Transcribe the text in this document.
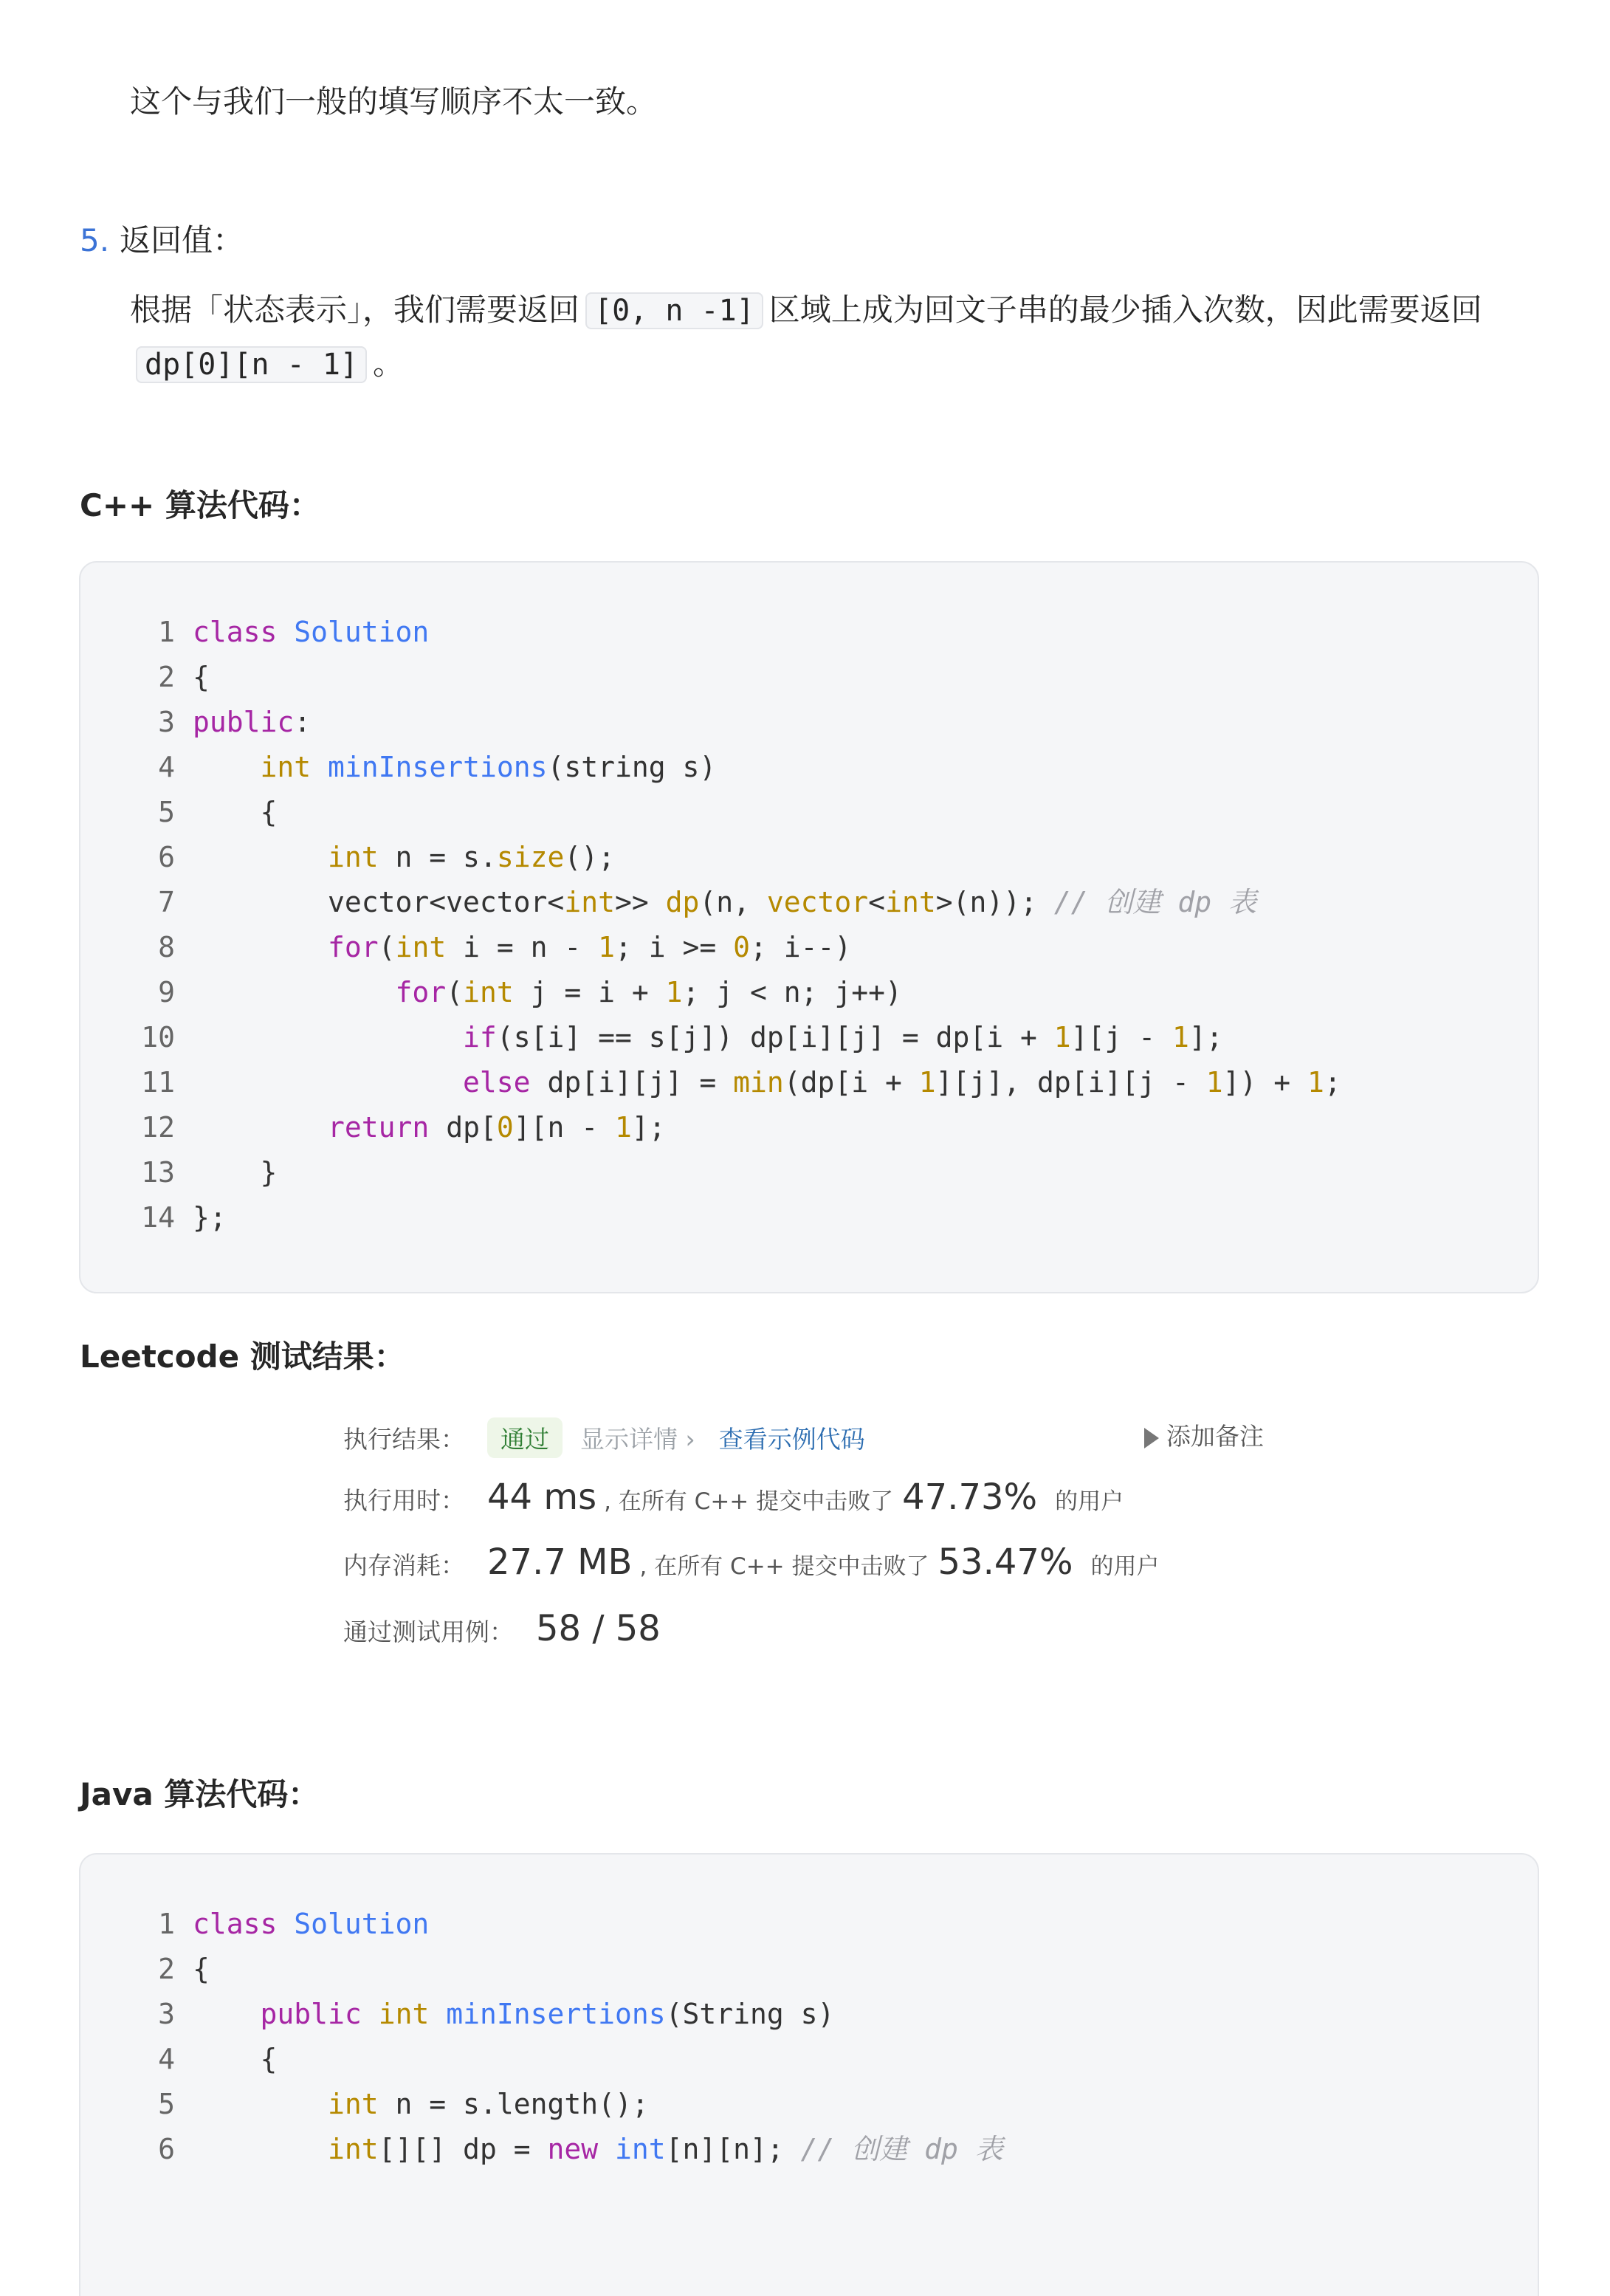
这个与我们一般的填写顺序不太一致。

5. 返回值：

根据「状态表示」，我们需要返回 [0, n -1] 区域上成为回文子串的最少插入次数，因此需要返回dp[0][n - 1] 。

C++ 算法代码：
1 class Solution
2 {
3 public:
4	int minInsertions(string s)
5    {
6	int n = s.size();
7        vector<vector<int>> dp(n, vector<int>(n)); // 创建 dp 表
8	for(int i = n - 1; i >= 0; i--)
9	for(int j = i + 1; j < n; j++)
10	if(s[i] == s[j]) dp[i][j] = dp[i + 1][j - 1];
11	else dp[i][j] = min(dp[i + 1][j], dp[i][j - 1]) + 1;
12	return dp[0][n - 1];
13    }
14 };
Leetcode 测试结果：
执行结果： 通过 显示详情 › 查看示例代码	添加备注
执行用时： 44 ms , 在所有 C++ 提交中击败了 47.73% 的用户
内存消耗： 27.7 MB , 在所有 C++ 提交中击败了 53.47% 的用户
通过测试用例： 58 / 58
Java 算法代码：
1 class Solution
2 {
3	public int minInsertions(String s)
4    {
5	int n = s.length();
6	int[][] dp = new int[n][n]; // 创建 dp 表
